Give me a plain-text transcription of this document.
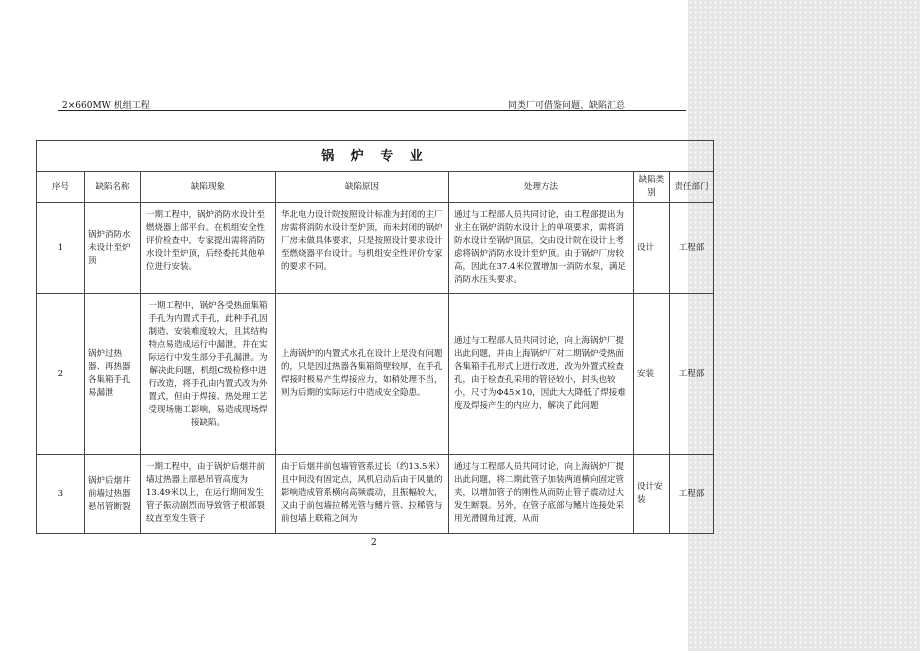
2×660MW 机组工程	同类厂可借鉴问题、缺陷汇总
锅 炉 专 业						
序号	缺陷名称	缺陷现象	缺陷原因	处理方法	缺陷类别	责任部门
1	锅炉消防水未设计至炉顶	一期工程中，锅炉消防水设计至燃烧器上部平台。在机组安全性评价检查中，专家提出需将消防水设计至炉顶，后经委托其他单位进行安装。	华北电力设计院按照设计标准为封闭的主厂房需将消防水设计至炉顶，而未封闭的锅炉厂房未做具体要求，只是按照设计要求设计至燃烧器平台设计。与机组安全性评价专家的要求不同。	通过与工程部人员共同讨论，由工程部提出为业主在锅炉消防水设计上的单项要求，需将消防水设计至锅炉顶层，交由设计院在设计上考虑将锅炉消防水设计至炉顶。由于锅炉厂房较高，因此在37.4米位置增加一消防水泵，满足消防水压头要求。	设计	工程部
2	锅炉过热器、再热器各集箱手孔易漏泄	一期工程中，锅炉各受热面集箱手孔为内置式手孔，此种手孔因制造、安装难度较大，且其结构特点易造成运行中漏泄，并在实际运行中发生部分手孔漏泄。为解决此问题，机组C级检修中进行改造，将手孔由内置式改为外置式，但由于焊接、热处理工艺受现场施工影响，易造成现场焊接缺陷。	上海锅炉的内置式水孔在设计上是没有问题的，只是因过热器各集箱筒壁较厚，在手孔焊接时极易产生焊接应力，如稍处理不当，则为后期的实际运行中造成安全隐患。	通过与工程部人员共同讨论，向上海锅炉厂提出此问题，并由上海锅炉厂对二期锅炉受热面各集箱手孔形式上进行改进，改为外置式检查孔，由于检查孔采用的管径较小，封头也较小，尺寸为Φ45×10，因此大大降低了焊接难度及焊接产生的内应力，解决了此问题	安装	工程部
3	锅炉后烟井前墙过热器悬吊管断裂	一期工程中，由于锅炉后烟井前墙过热器上部悬吊管高度为13.49米以上，在运行期间发生管子振动剧烈而导致管子根部裂纹直至发生管子	由于后烟井前包墙管管系过长（约13.5米）且中间没有固定点，风机启动后由于风量的影响造成管系横向高频震动，且振幅较大，又由于前包墙拉稀光管与鳍片管、拉稀管与前包墙上联箱之间为	通过与工程部人员共同讨论，向上海锅炉厂提出此问题，将二期此管子加装两道横向固定管夹，以增加管子的刚性从而防止管子震动过大发生断裂。另外，在管子底部与鳍片连接处采用光滑圆角过渡，从而	设计安装	工程部
2
